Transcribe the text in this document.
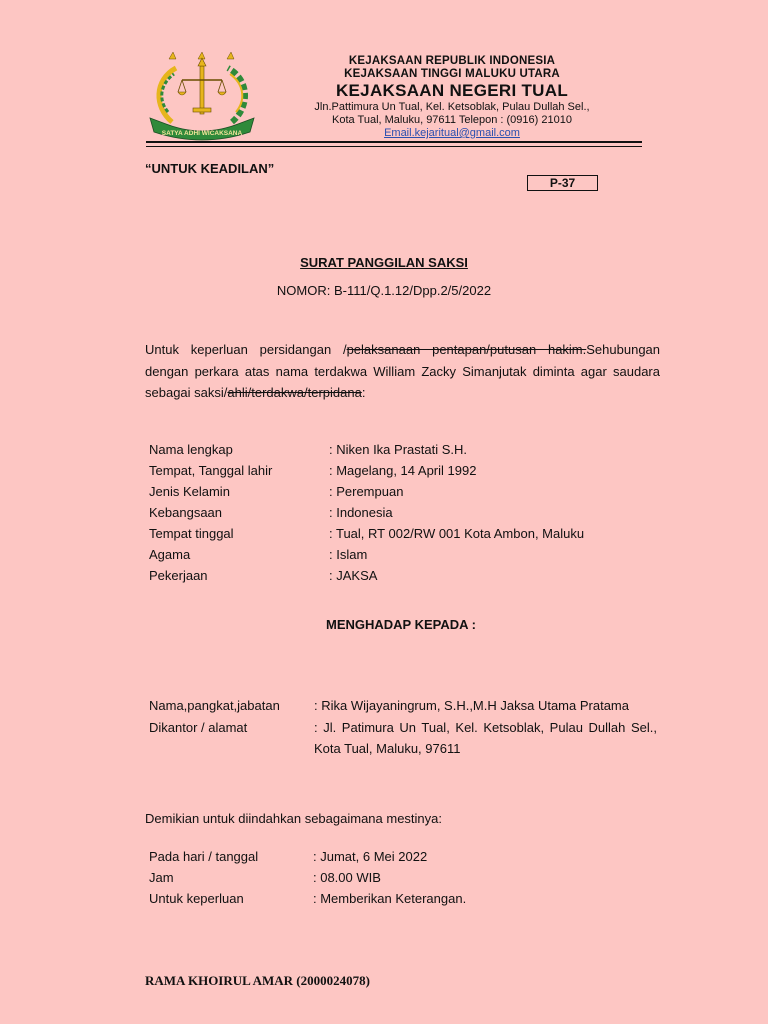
SATYA ADHI WICAKSANA
KEJAKSAAN REPUBLIK INDONESIA
KEJAKSAAN TINGGI MALUKU UTARA
KEJAKSAAN NEGERI TUAL
Jln.Pattimura Un Tual, Kel. Ketsoblak, Pulau Dullah Sel.,
Kota Tual, Maluku, 97611 Telepon : (0916) 21010
Email.kejaritual@gmail.com
“UNTUK KEADILAN”
P-37
SURAT PANGGILAN SAKSI
NOMOR: B-111/Q.1.12/Dpp.2/5/2022
Untuk keperluan persidangan /pelaksanaan pentapan/putusan hakim.Sehubungan dengan perkara atas nama terdakwa William Zacky Simanjutak diminta agar saudara sebagai saksi/ahli/terdakwa/terpidana:
Nama lengkap	: Niken Ika Prastati S.H.
Tempat, Tanggal lahir	: Magelang, 14 April 1992
Jenis Kelamin	: Perempuan
Kebangsaan	: Indonesia
Tempat tinggal	: Tual, RT 002/RW 001 Kota Ambon, Maluku
Agama	: Islam
Pekerjaan	: JAKSA
MENGHADAP KEPADA :
Nama,pangkat,jabatan	: Rika Wijayaningrum, S.H.,M.H Jaksa Utama Pratama
Dikantor / alamat	: Jl. Patimura Un Tual, Kel. Ketsoblak, Pulau Dullah Sel., Kota Tual, Maluku, 97611
Demikian untuk diindahkan sebagaimana mestinya:
Pada hari / tanggal	: Jumat, 6 Mei 2022
Jam	: 08.00 WIB
Untuk keperluan	: Memberikan Keterangan.
RAMA KHOIRUL AMAR (2000024078)
